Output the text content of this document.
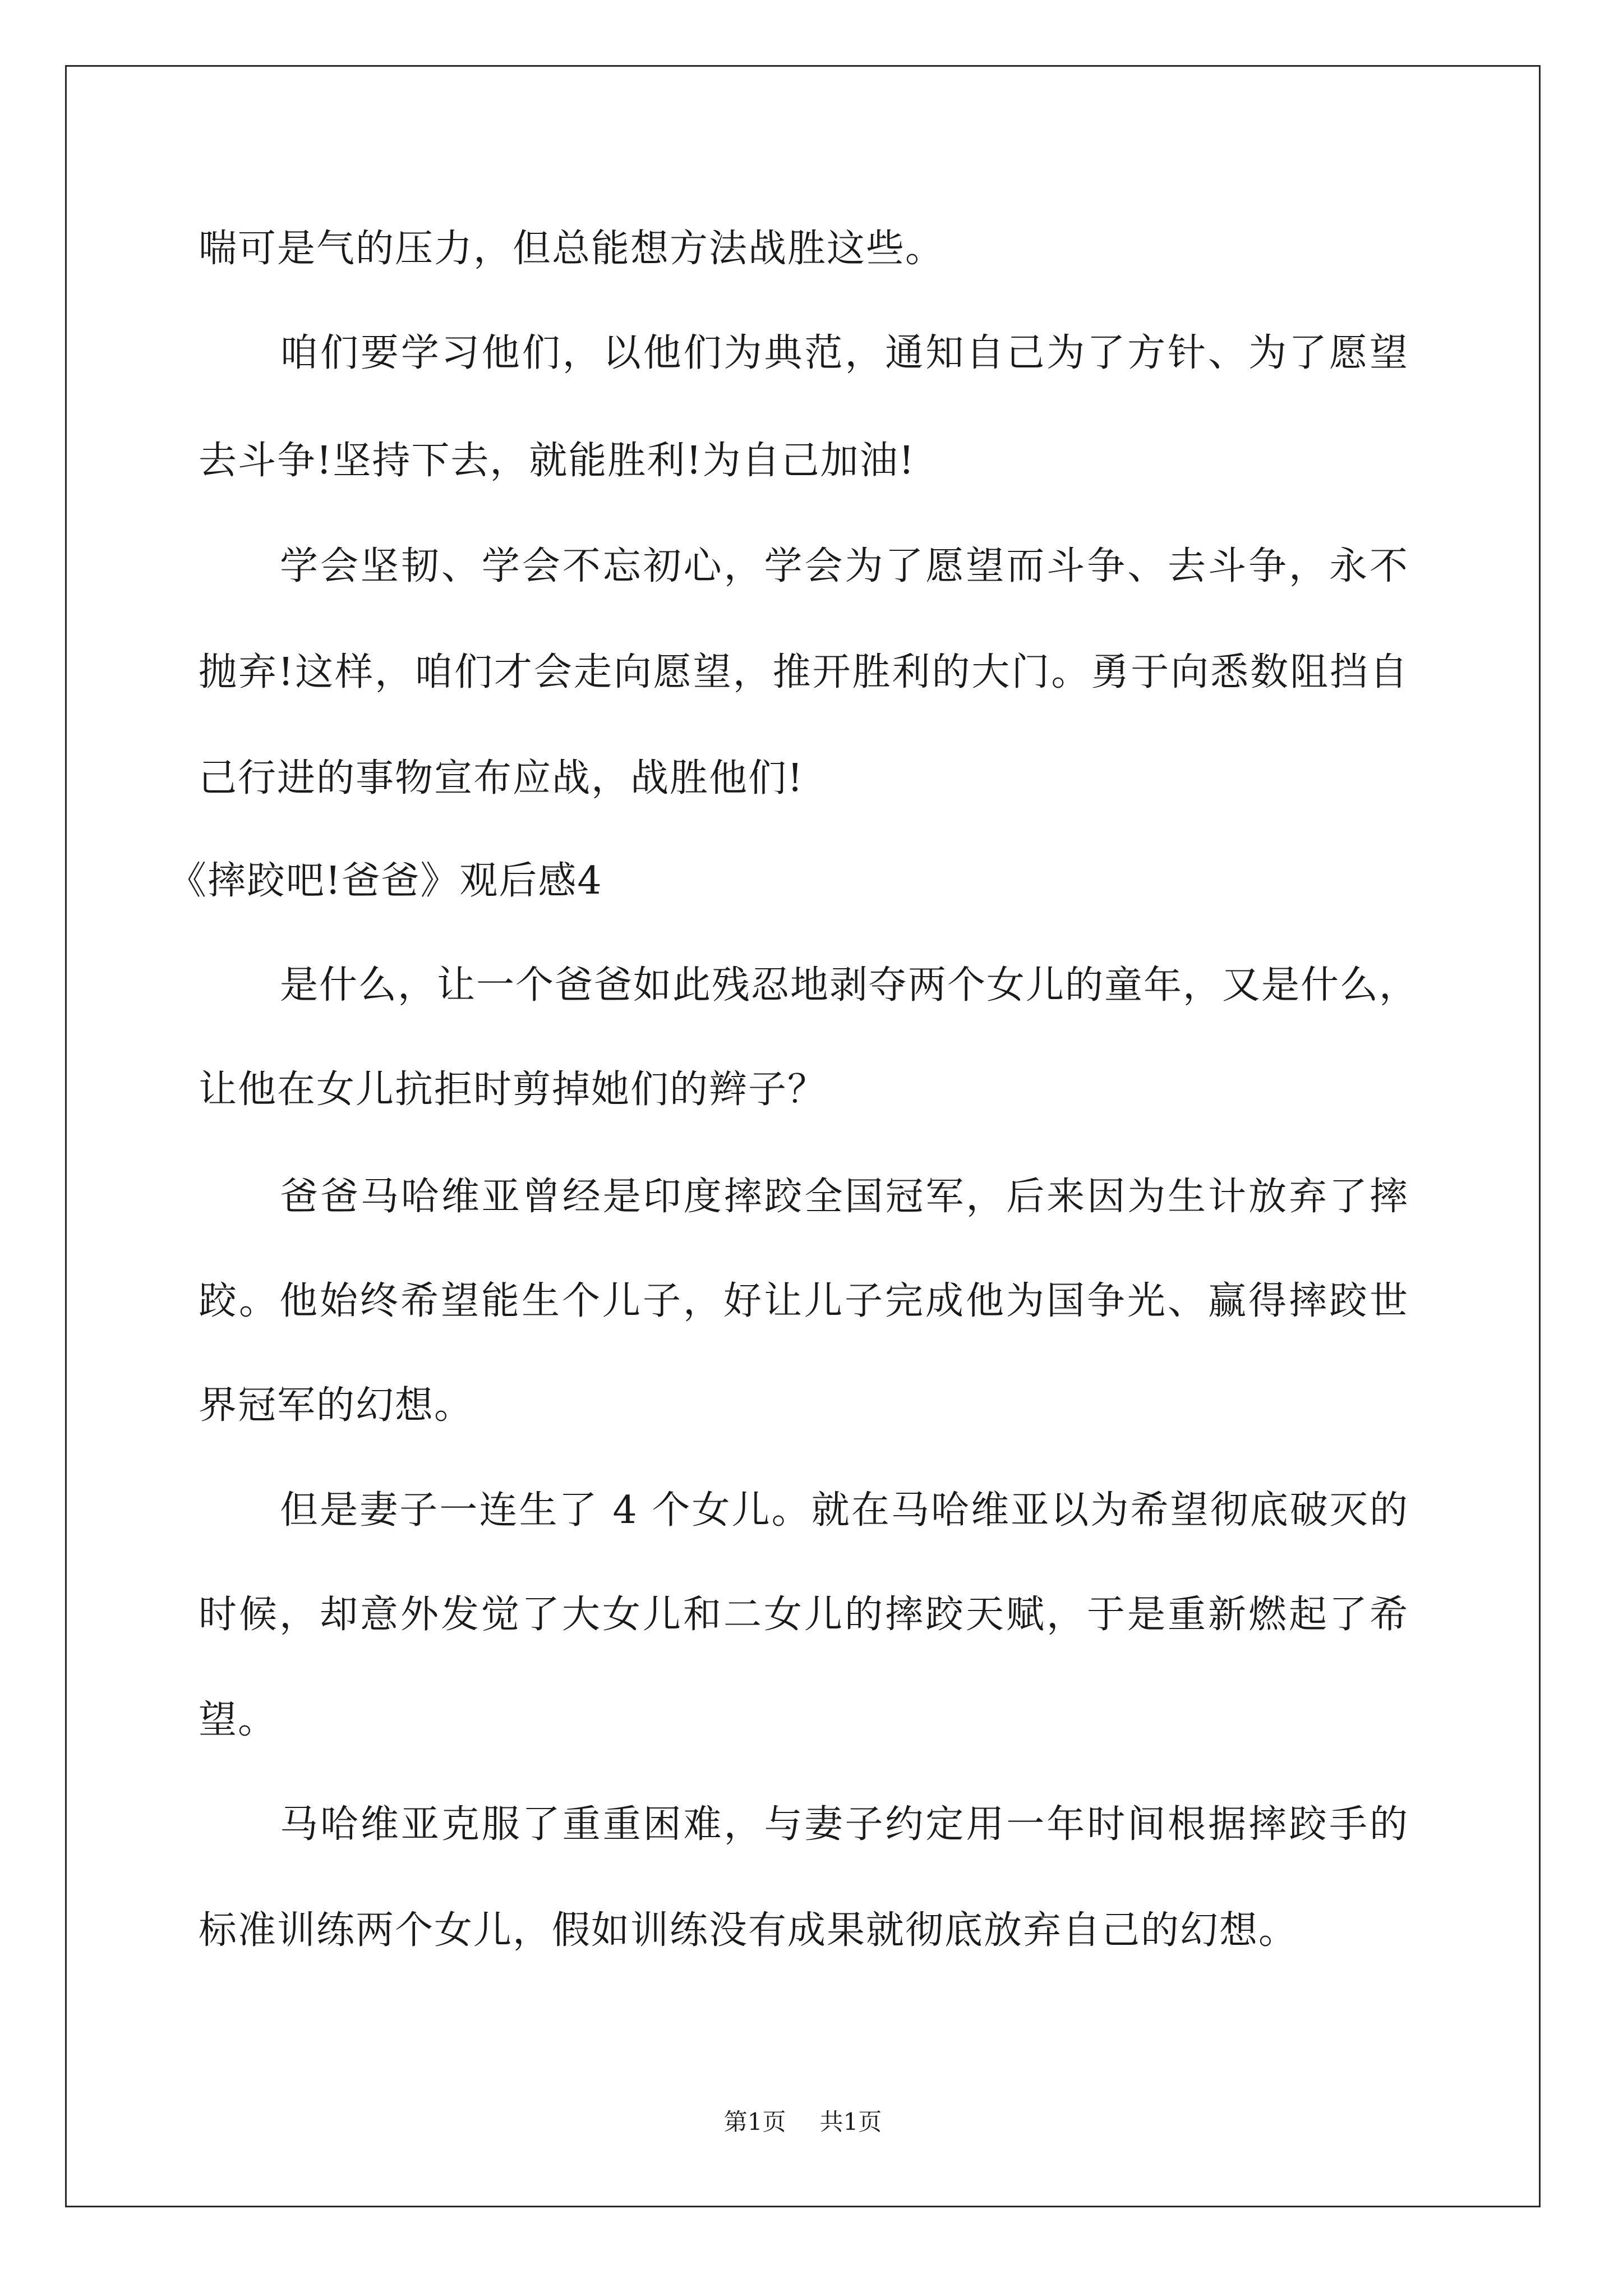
喘可是气的压力，但总能想方法战胜这些。
咱们要学习他们，以他们为典范，通知自己为了方针、为了愿望
去斗争!坚持下去，就能胜利!为自己加油!
学会坚韧、学会不忘初心，学会为了愿望而斗争、去斗争，永不
抛弃!这样，咱们才会走向愿望，推开胜利的大门。勇于向悉数阻挡自
己行进的事物宣布应战，战胜他们!
《摔跤吧!爸爸》观后感4
是什么，让一个爸爸如此残忍地剥夺两个女儿的童年，又是什么，
让他在女儿抗拒时剪掉她们的辫子？
爸爸马哈维亚曾经是印度摔跤全国冠军，后来因为生计放弃了摔
跤。他始终希望能生个儿子，好让儿子完成他为国争光、赢得摔跤世
界冠军的幻想。
但是妻子一连生了 4 个女儿。就在马哈维亚以为希望彻底破灭的
时候，却意外发觉了大女儿和二女儿的摔跤天赋，于是重新燃起了希
望。
马哈维亚克服了重重困难，与妻子约定用一年时间根据摔跤手的
标准训练两个女儿，假如训练没有成果就彻底放弃自己的幻想。
第1页 共1页
